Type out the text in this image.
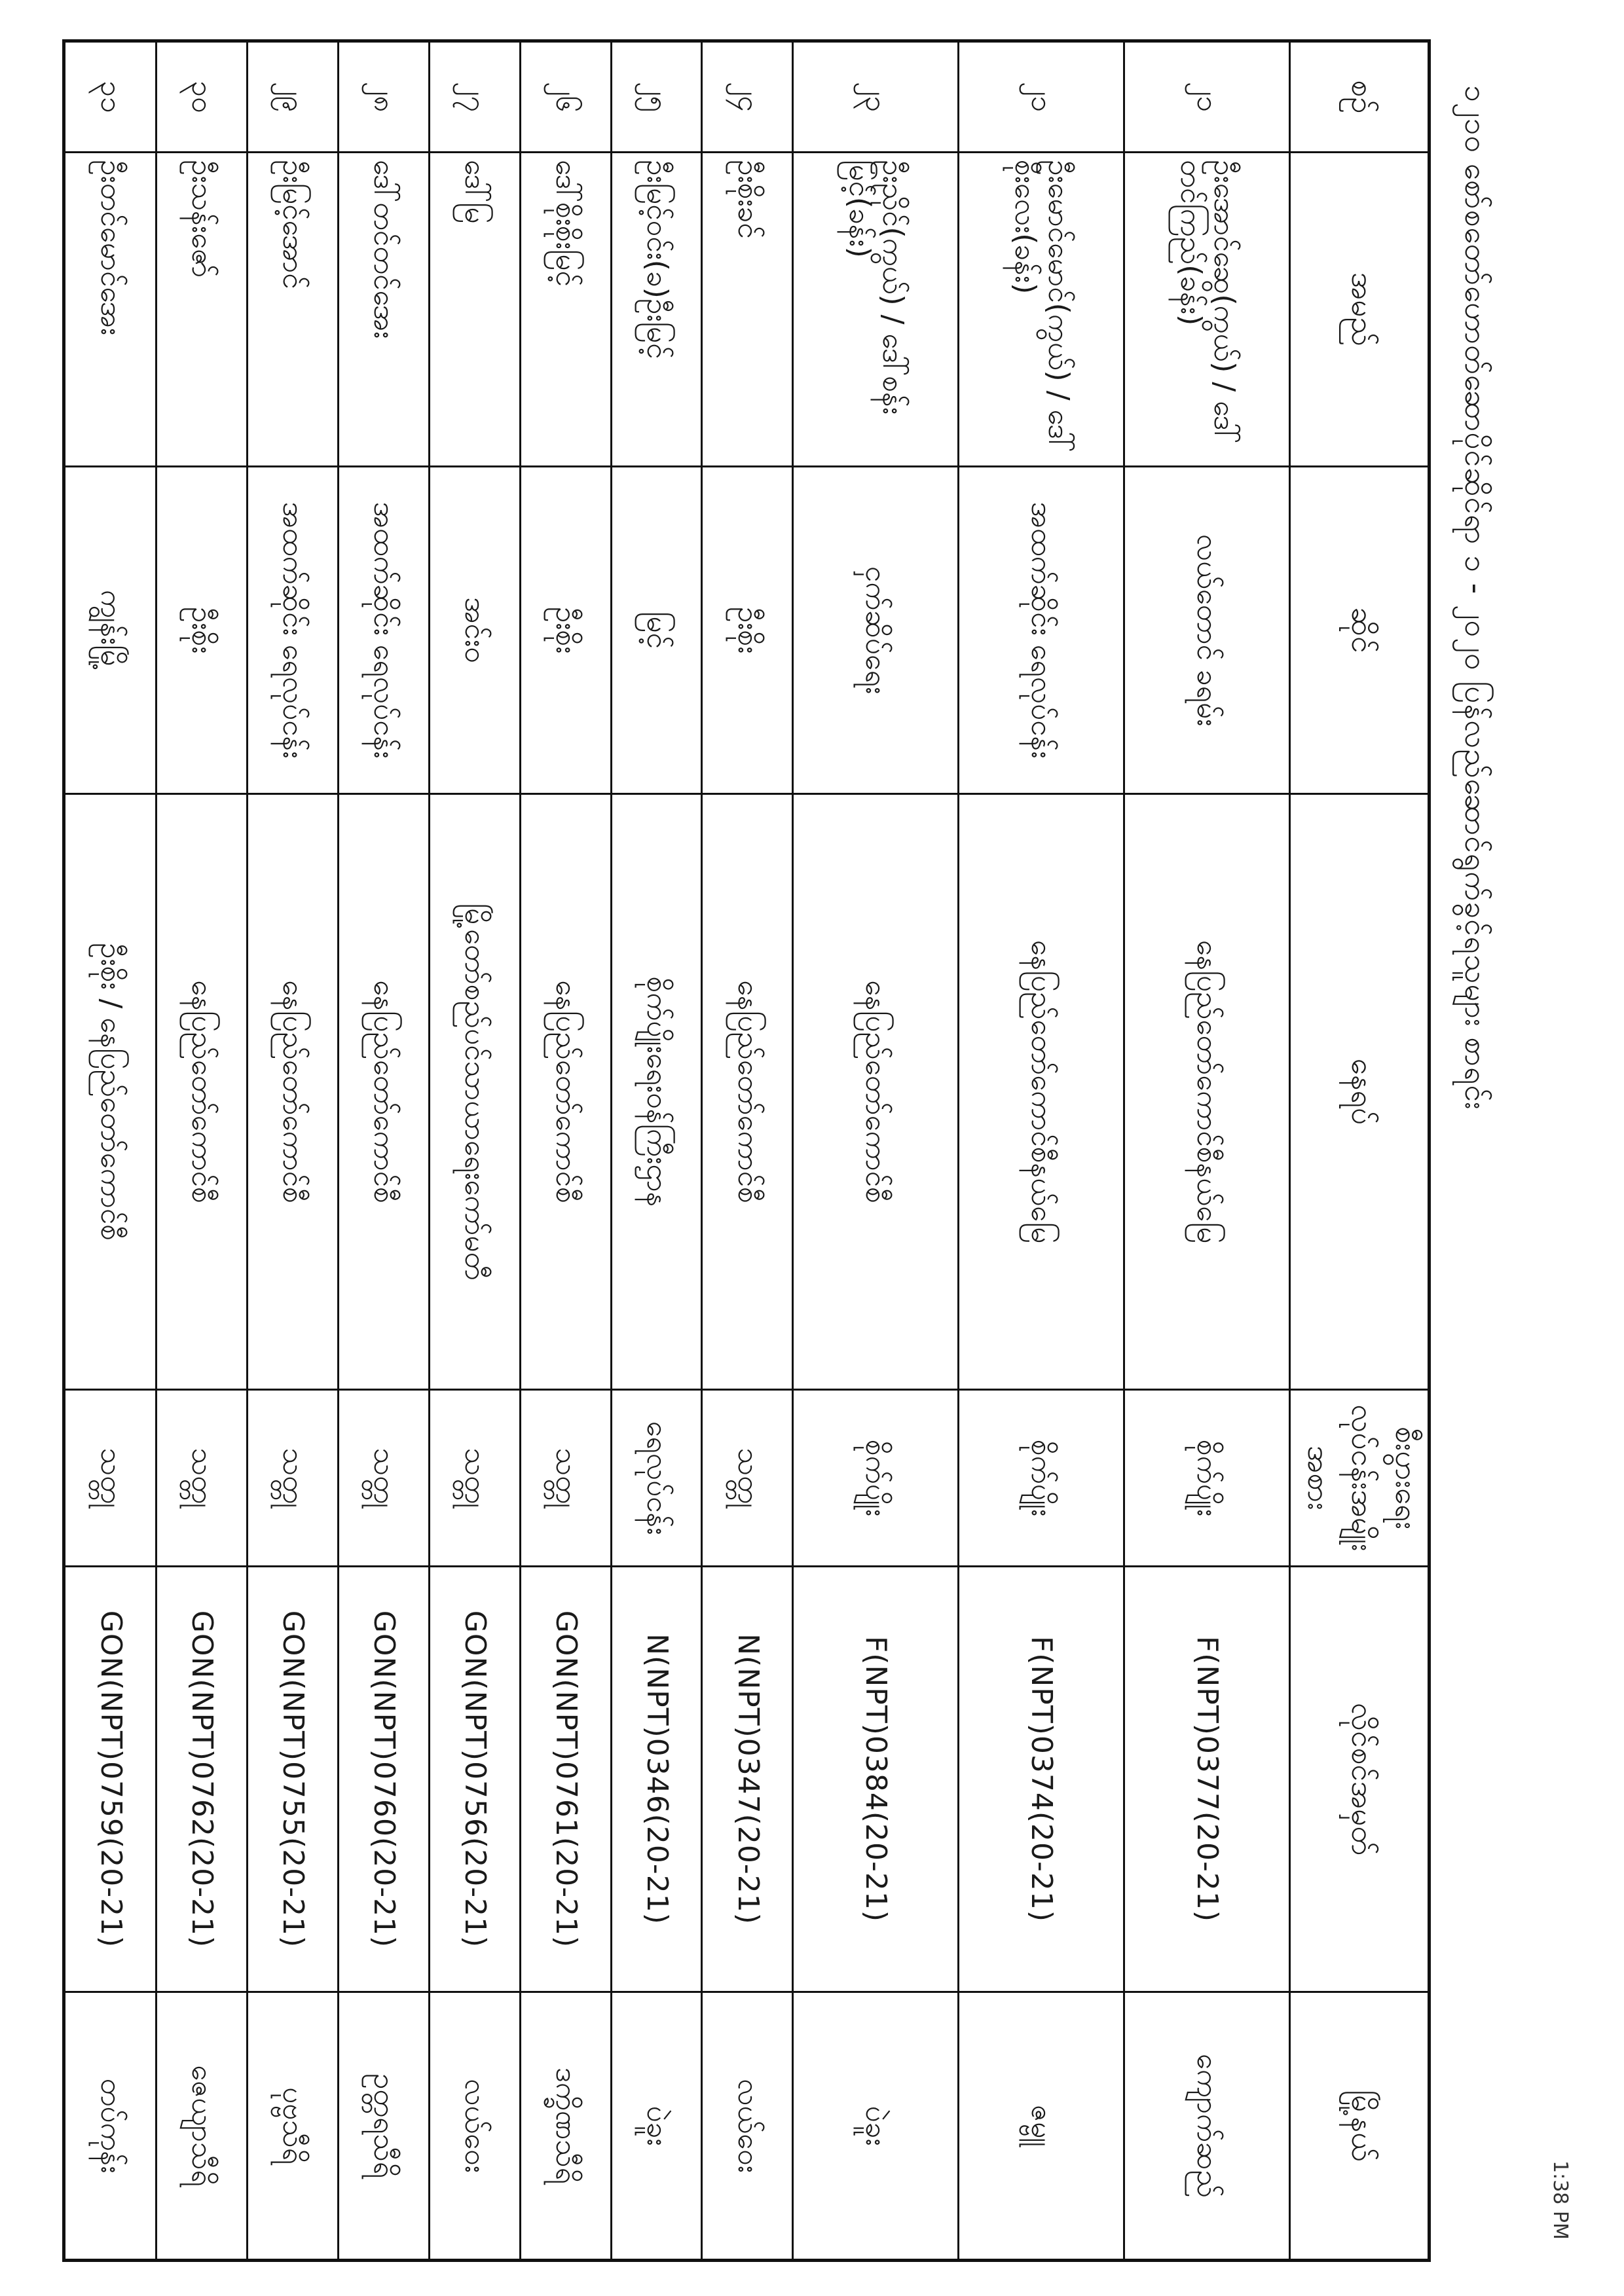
၁၂၁၀ စော်စတော်ဟောတ်ဆောပိုင်ဆိုင်ရာ ၁ - ၂၀၂၀ ပြန်လည်ဆောင်ရွက်ခွင့်ရသူများ စာရင်း
စဉ်	အမည်	ဆိုင်	နေရပ်	စီးပွားရေးလုပ်ငန်းအမျိုးအစား	လိုင်စင်အမှတ်	မြို့နယ်
၂၁	ဦးအောင်ဆွေ(ကွယ်) / ဒေါ်တင်ကြည်(ခန်း)	လယ်တောင် ခရမ်း	နေပြည်တော်ကောင်စီနယ်မြေ	စိုက်ပျိုး	F(NPT)0377(20-21)	ကျောက်ဆည်
၂၁	ဦးမောင်မောင်(ကွယ်) / ဒေါ်စိုးလေး(ခန်း)	အထက်ဆိုင်း ရေလုပ်ငန်း	နေပြည်တော်ကောင်စီနယ်မြေ	စိုက်ပျိုး	F(NPT)0374(20-21)	ဇမ္ဗူ
၂၃	ဦးညိုင်(ကွယ်) / ဒေါ်စန်းမြင့်(ခန်း)	ငှက်ဆိပ်ရေး	နေပြည်တော်ကောင်စီ	စိုက်ပျိုး	F(NPT)0384(20-21)	ပဲခူး
၂၄	ဦးစိုးခင်	ဦးစိုး	နေပြည်တော်ကောင်စီ	သတ္တု	N(NPT)0347(20-21)	လယ်ဝေး
၂၅	ဦးမြင့်ဝင်း(ခ)ဦးမြင့်	မြင့်	စိုက်ပျိုးရေးဝန်ကြီးဌာန	ရေလုပ်ငန်း	N(NPT)0346(20-21)	ပဲခူး
၂၆	ဒေါ်စိုးစိုးမြင့်	ဦးစိုး	နေပြည်တော်ကောင်စီ	သတ္တု	GON(NPT)0761(20-21)	ဒက္ခိဏသီရိ
၂၇	ဒေါ်မြ	အင်းဝ	မြို့တော်စည်ပင်သာယာရေးကော်မတီ	သတ္တု	GON(NPT)0756(20-21)	လယ်ဝေး
၂၈	ဒေါ်တင်တင်အေး	အထက်ဆိုင်း ရေလုပ်ငန်း	နေပြည်တော်ကောင်စီ	သတ္တု	GON(NPT)0760(20-21)	ဥတ္တရသီရိ
၂၉	ဦးမြင့်အောင်	အထက်ဆိုင်း ရေလုပ်ငန်း	နေပြည်တော်ကောင်စီ	သတ္တု	GON(NPT)0755(20-21)	ပုဗ္ဗသီရိ
၃၀	ဦးသန်းဇော်	ဦးစိုး	နေပြည်တော်ကောင်စီ	သတ္တု	GON(NPT)0762(20-21)	ဇေယျာသီရိ
၃၁	ဦးတင်မောင်အေး	ကျွန်းမြို့	ဦးစိုး / နေပြည်တော်ကောင်စီ	သတ္တု	GON(NPT)0759(20-21)	တပ်ကုန်း
1:38 PM
